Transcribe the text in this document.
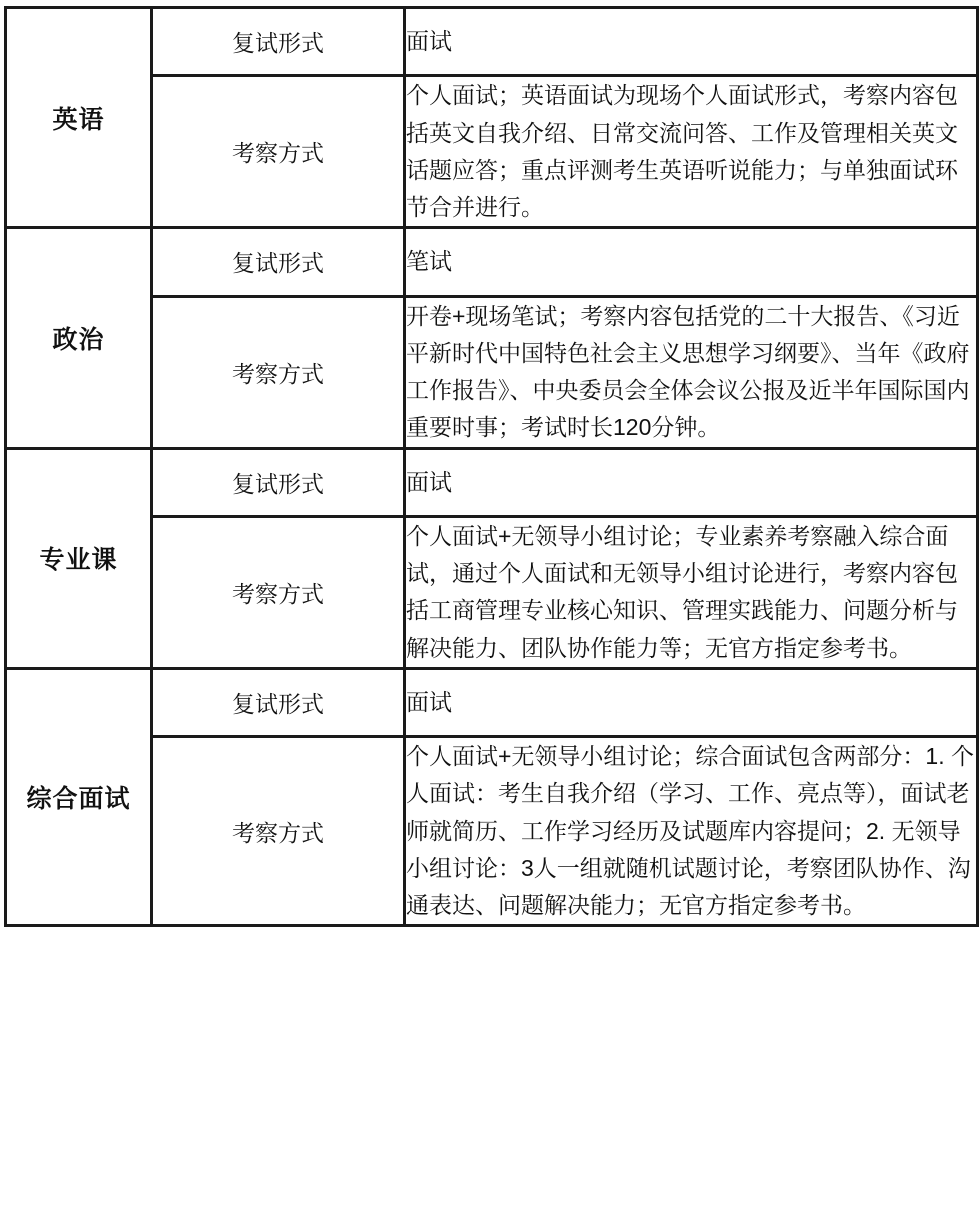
英语	复试形式	面试
	考察方式	个人面试；英语面试为现场个人面试形式，考察内容包括英文自我介绍、日常交流问答、工作及管理相关英文话题应答；重点评测考生英语听说能力；与单独面试环节合并进行。
政治	复试形式	笔试
	考察方式	开卷+现场笔试；考察内容包括党的二十大报告、《习近平新时代中国特色社会主义思想学习纲要》、当年《政府工作报告》、中央委员会全体会议公报及近半年国际国内重要时事；考试时长120分钟。
专业课	复试形式	面试
	考察方式	个人面试+无领导小组讨论；专业素养考察融入综合面试，通过个人面试和无领导小组讨论进行，考察内容包括工商管理专业核心知识、管理实践能力、问题分析与解决能力、团队协作能力等；无官方指定参考书。
综合面试	复试形式	面试
	考察方式	个人面试+无领导小组讨论；综合面试包含两部分：1. 个人面试：考生自我介绍（学习、工作、亮点等），面试老师就简历、工作学习经历及试题库内容提问；2. 无领导小组讨论：3人一组就随机试题讨论，考察团队协作、沟通表达、问题解决能力；无官方指定参考书。
